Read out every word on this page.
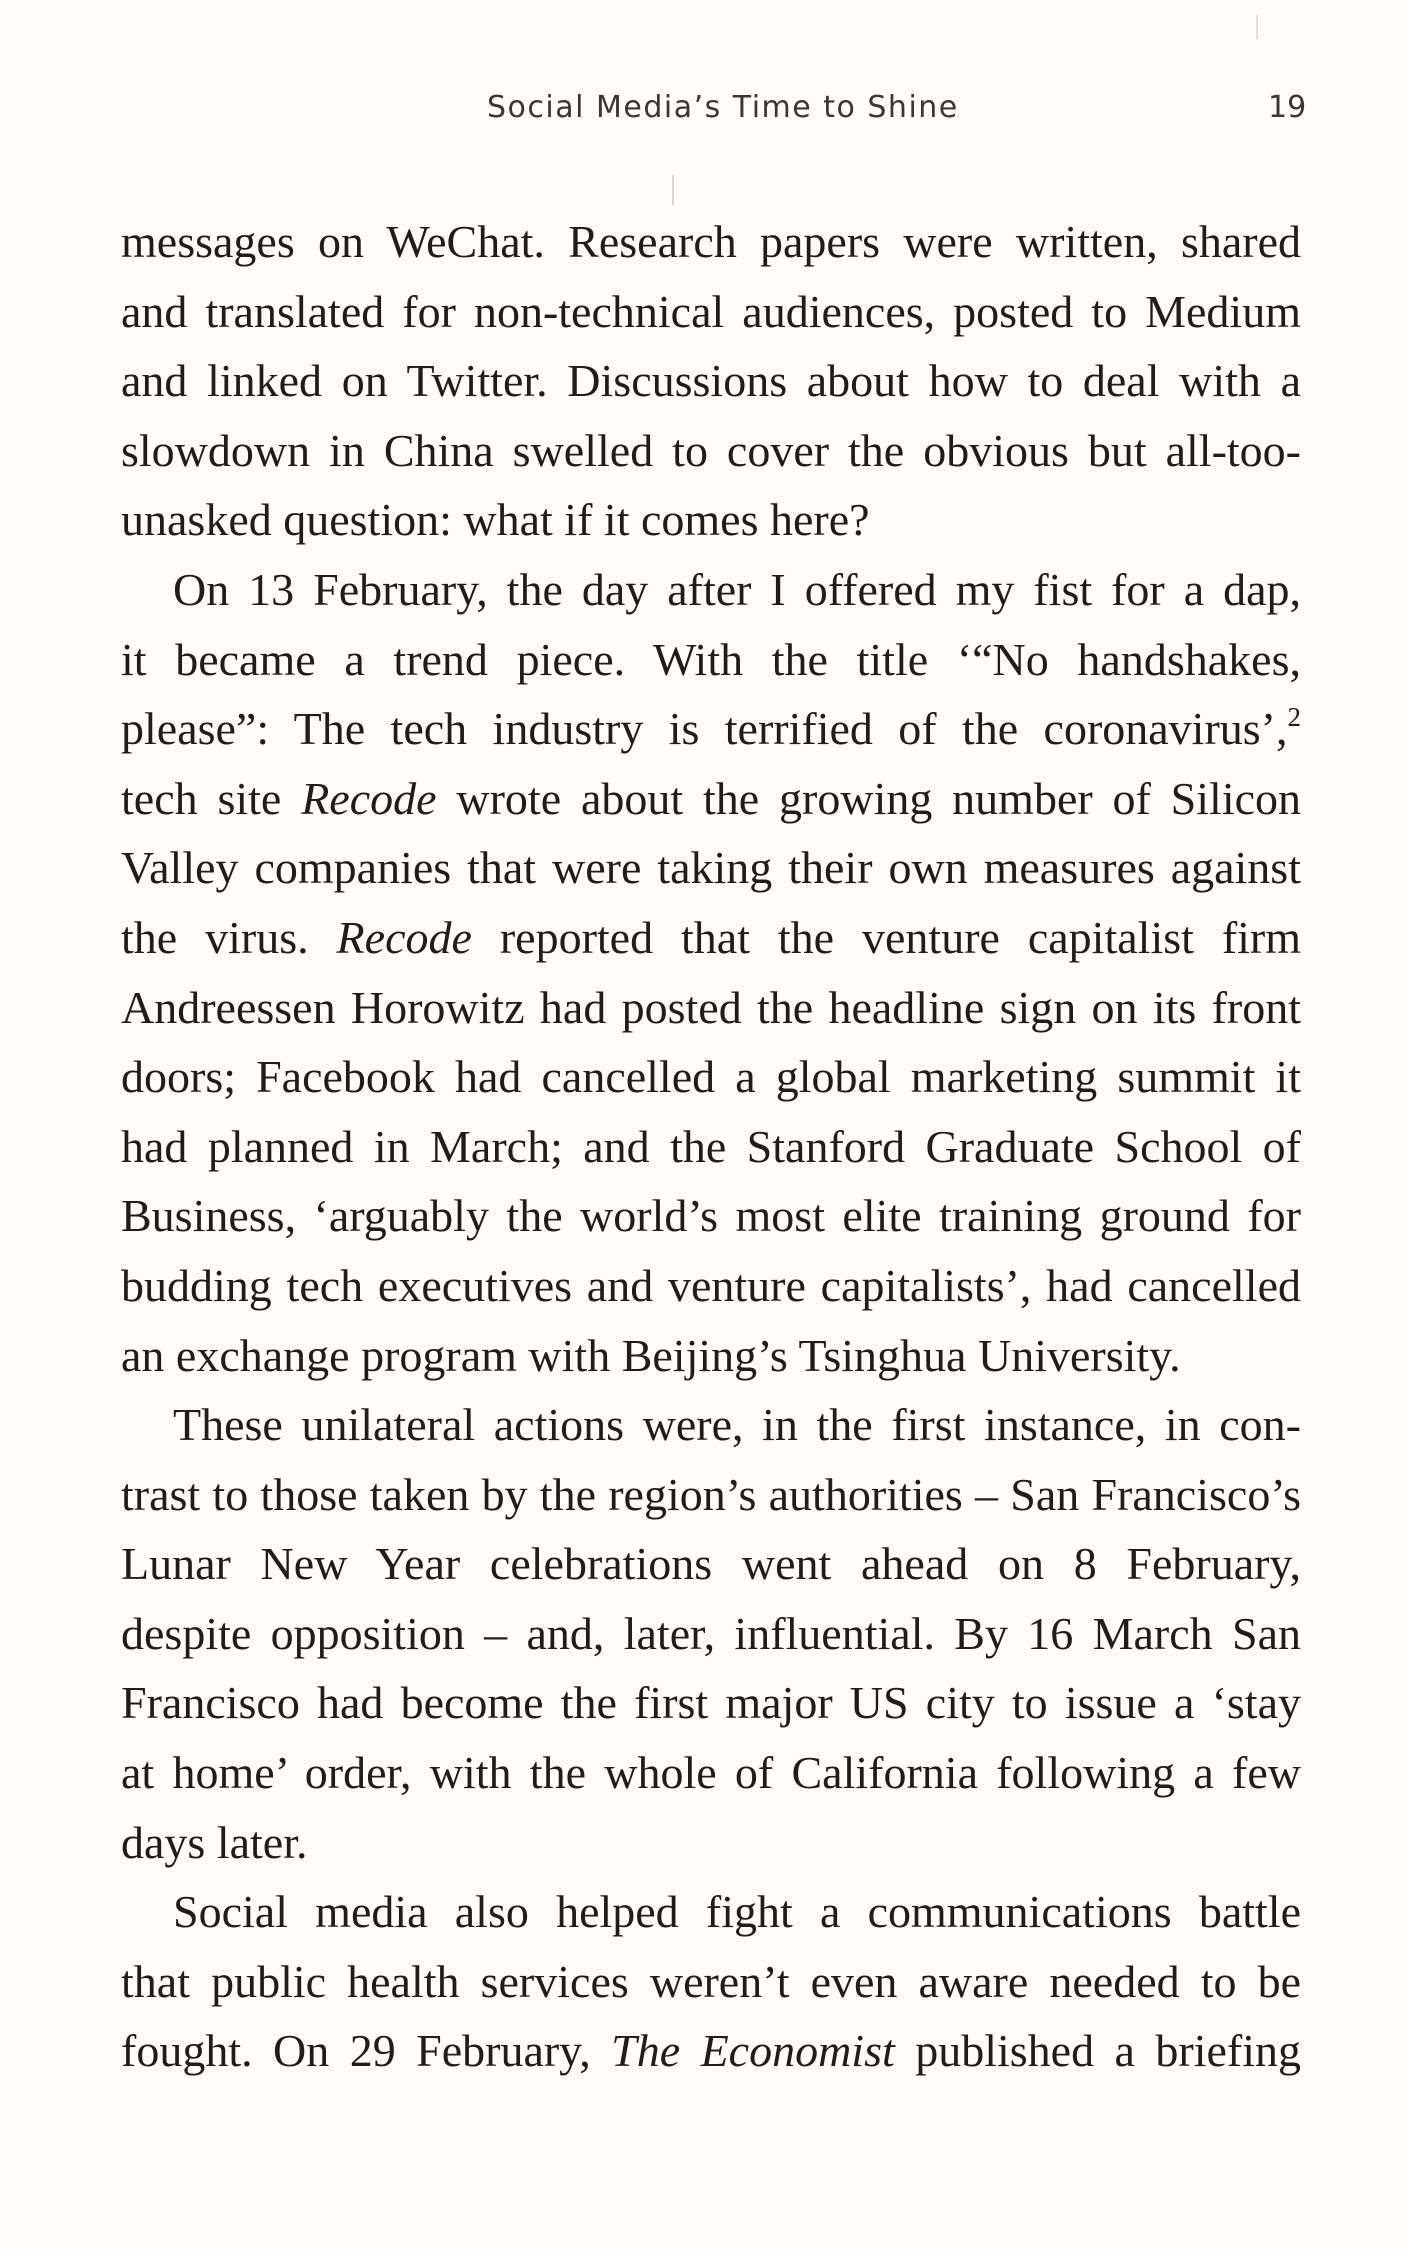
Social Media’s Time to Shine	19
messages on WeChat. Research papers were written, shared
and translated for non-technical audiences, posted to Medium
and linked on Twitter. Discussions about how to deal with a
slowdown in China swelled to cover the obvious but all-too-
unasked question: what if it comes here?
On 13 February, the day after I offered my fist for a dap,
it became a trend piece. With the title ‘“No handshakes,
please”: The tech industry is terrified of the coronavirus’,$^2$
tech site Recode wrote about the growing number of Silicon
Valley companies that were taking their own measures against
the virus. Recode reported that the venture capitalist firm
Andreessen Horowitz had posted the headline sign on its front
doors; Facebook had cancelled a global marketing summit it
had planned in March; and the Stanford Graduate School of
Business, ‘arguably the world’s most elite training ground for
budding tech executives and venture capitalists’, had cancelled
an exchange program with Beijing’s Tsinghua University.
These unilateral actions were, in the first instance, in con-
trast to those taken by the region’s authorities – San Francisco’s
Lunar New Year celebrations went ahead on 8 February,
despite opposition – and, later, influential. By 16 March San
Francisco had become the first major US city to issue a ‘stay
at home’ order, with the whole of California following a few
days later.
Social media also helped fight a communications battle
that public health services weren’t even aware needed to be
fought. On 29 February, The Economist published a briefing
